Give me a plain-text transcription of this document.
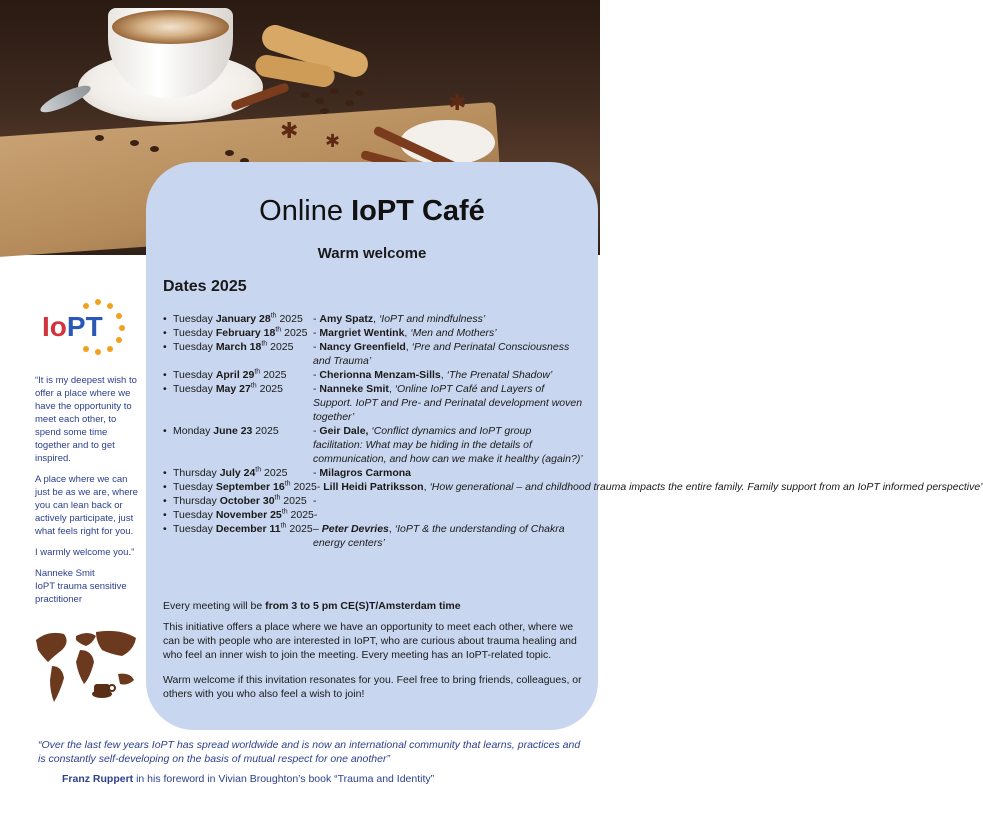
✱
✱
✱
IoPT

“It is my deepest wish to offer a place where we have the opportunity to meet each other, to spend some time together and to get inspired.

A place where we can just be as we are, where you can lean back or actively participate, just what feels right for you.

I warmly welcome you.”

Nanneke Smit
IoPT trauma sensitive practitioner
Online IoPT Café
Warm welcome
Dates 2025
• Tuesday January 28th 2025 - Amy Spatz, ‘IoPT and mindfulness’
• Tuesday February 18th 2025 - Margriet Wentink, ‘Men and Mothers’
• Tuesday March 18th 2025	- Nancy Greenfield, ‘Pre and Perinatal Consciousness and Trauma’
• Tuesday April 29th 2025	- Cherionna Menzam-Sills, ‘The Prenatal Shadow’
• Tuesday May 27th 2025	- Nanneke Smit, ‘Online IoPT Café and Layers of Support. IoPT and Pre- and Perinatal development woven together’
• Monday June 23 2025	- Geir Dale, ‘Conflict dynamics and IoPT group facilitation: What may be hiding in the details of communication, and how can we make it healthy (again?)’
• Thursday July 24th 2025	- Milagros Carmona
• Tuesday September 16th 2025- Lill Heidi Patriksson, ‘How generational – and childhood trauma impacts the entire family. Family support from an IoPT informed perspective’
• Thursday October 30th 2025 -
• Tuesday November 25th 2025 -
• Tuesday December 11th 2025 – Peter Devries, ‘IoPT & the understanding of Chakra energy centers’
Every meeting will be from 3 to 5 pm CE(S)T/Amsterdam time

This initiative offers a place where we have an opportunity to meet each other, where we can be with people who are interested in IoPT, who are curious about trauma healing and who feel an inner wish to join the meeting. Every meeting has an IoPT-related topic.

Warm welcome if this invitation resonates for you. Feel free to bring friends, colleagues, or others with you who also feel a wish to join!

“Over the last few years IoPT has spread worldwide and is now an international community that learns, practices and is constantly self-developing on the basis of mutual respect for one another”
Franz Ruppert in his foreword in Vivian Broughton’s book “Trauma and Identity”
